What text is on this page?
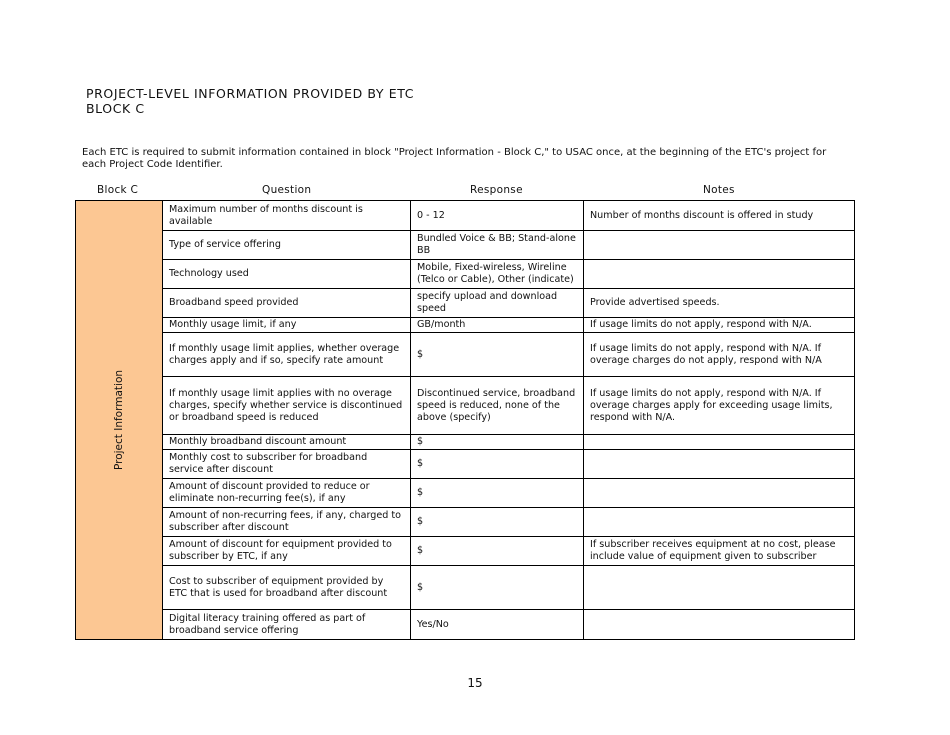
PROJECT-LEVEL INFORMATION PROVIDED BY ETC
BLOCK C
Each ETC is required to submit information contained in block "Project Information - Block C," to USAC once, at the beginning of the ETC's project for each Project Code Identifier.
Block C	Question	Response	Notes
Project Information	Maximum number of months discount is available	0 - 12	Number of months discount is offered in study
	Type of service offering	Bundled Voice & BB; Stand-alone BB	
	Technology used	Mobile, Fixed-wireless, Wireline (Telco or Cable), Other (indicate)	
	Broadband speed provided	specify upload and download speed	Provide advertised speeds.
	Monthly usage limit, if any	GB/month	If usage limits do not apply, respond with N/A.
	If monthly usage limit applies, whether overage charges apply and if so, specify rate amount	$	If usage limits do not apply, respond with N/A. If overage charges do not apply, respond with N/A
	If monthly usage limit applies with no overage charges, specify whether service is discontinued or broadband speed is reduced	Discontinued service, broadband speed is reduced, none of the above (specify)	If usage limits do not apply, respond with N/A. If overage charges apply for exceeding usage limits, respond with N/A.
	Monthly broadband discount amount	$	
	Monthly cost to subscriber for broadband service after discount	$	
	Amount of discount provided to reduce or eliminate non-recurring fee(s), if any	$	
	Amount of non-recurring fees, if any, charged to subscriber after discount	$	
	Amount of discount for equipment provided to subscriber by ETC, if any	$	If subscriber receives equipment at no cost, please include value of equipment given to subscriber
	Cost to subscriber of equipment provided by ETC that is used for broadband after discount	$	
	Digital literacy training offered as part of broadband service offering	Yes/No	
15
